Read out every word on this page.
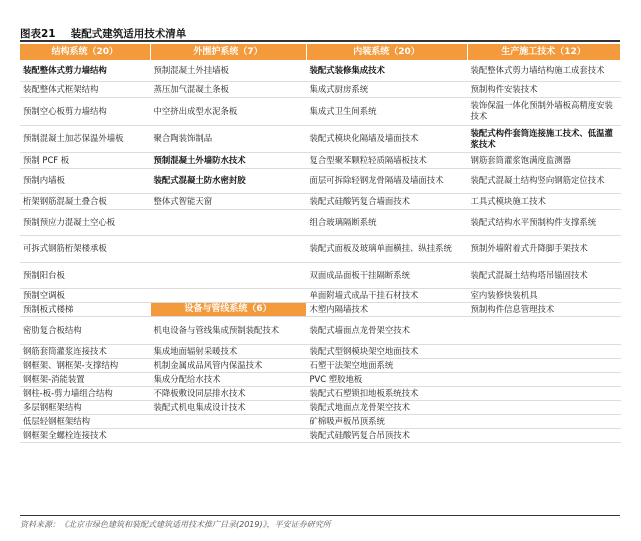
图表21 装配式建筑适用技术清单
结构系统（20）	外围护系统（7）	内装系统（20）	生产施工技术（12）
装配整体式剪力墙结构	预制混凝土外挂墙板	装配式装修集成技术	装配整体式剪力墙结构施工成套技术
装配整体式框架结构	蒸压加气混凝土条板	集成式厨房系统	预制构件安装技术
预制空心板剪力墙结构	中空挤出成型水泥条板	集成式卫生间系统	装饰保温一体化预制外墙板高精度安装技术
预制混凝土加芯保温外墙板	聚合陶装饰制品	装配式模块化隔墙及墙面技术	装配式构件套筒连接施工技术、低温灌浆技术
预制 PCF 板	预制混凝土外墙防水技术	复合型聚苯颗粒轻质隔墙板技术	钢筋套筒灌浆饱满度监测器
预制内墙板	装配式混凝土防水密封胶	面层可拆除轻钢龙骨隔墙及墙面技术	装配式混凝土结构竖向钢筋定位技术
桁架钢筋混凝土叠合板	整体式智能天窗	装配式硅酸钙复合墙面技术	工具式模块施工技术
预制预应力混凝土空心板		组合玻璃隔断系统	装配式结构水平预制构件支撑系统
可拆式钢筋桁架楼承板		装配式面板及玻璃单面横挂、纵挂系统	预制外墙附着式升降脚手架技术
预制阳台板		双面成品面板干挂隔断系统	装配式混凝土结构塔吊锚固技术
预制空调板		单面附墙式成品干挂石材技术	室内装修快装机具
预制板式楼梯	设备与管线系统（6）	木塑内隔墙技术	预制构件信息管理技术
密肋复合板结构	机电设备与管线集成预制装配技术	装配式墙面点龙骨架空技术	
钢筋套筒灌浆连接技术	集成地面辐射采暖技术	装配式型钢模块架空地面技术	
钢框架、钢框架-支撑结构	机制金属成品风管内保温技术	石塑干法架空地面系统	
钢框架-消能装置	集成分配给水技术	PVC 塑胶地板	
钢柱-板-剪力墙组合结构	不降板敷设同层排水技术	装配式石塑锁扣地板系统技术	
多层钢框架结构	装配式机电集成设计技术	装配式地面点龙骨架空技术	
低层轻钢框架结构		矿棉吸声板吊顶系统	
钢框架全螺栓连接技术		装配式硅酸钙复合吊顶技术	
资料来源：《北京市绿色建筑和装配式建筑适用技术推广目录(2019)》，平安证券研究所
